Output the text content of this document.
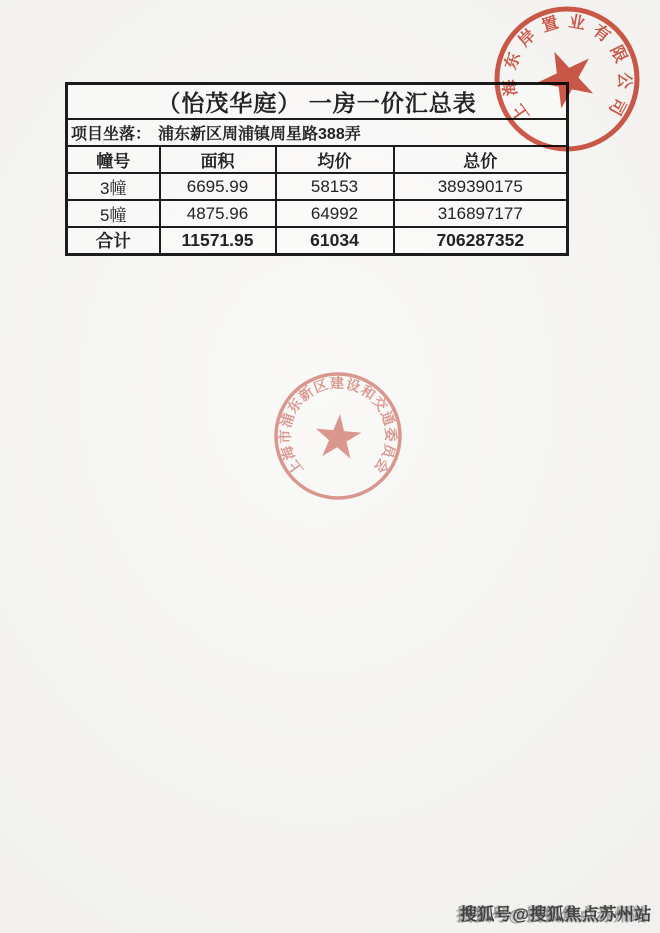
（怡茂华庭） 一房一价汇总表			
项目坐落： 浦东新区周浦镇周星路388弄			
幢号	面积	均价	总价
3幢	6695.99	58153	389390175
5幢	4875.96	64992	316897177
合计	11571.95	61034	706287352
上海东岸置业有限公司
上海市浦东新区建设和交通委员会
搜狐号@搜狐焦点苏州站
